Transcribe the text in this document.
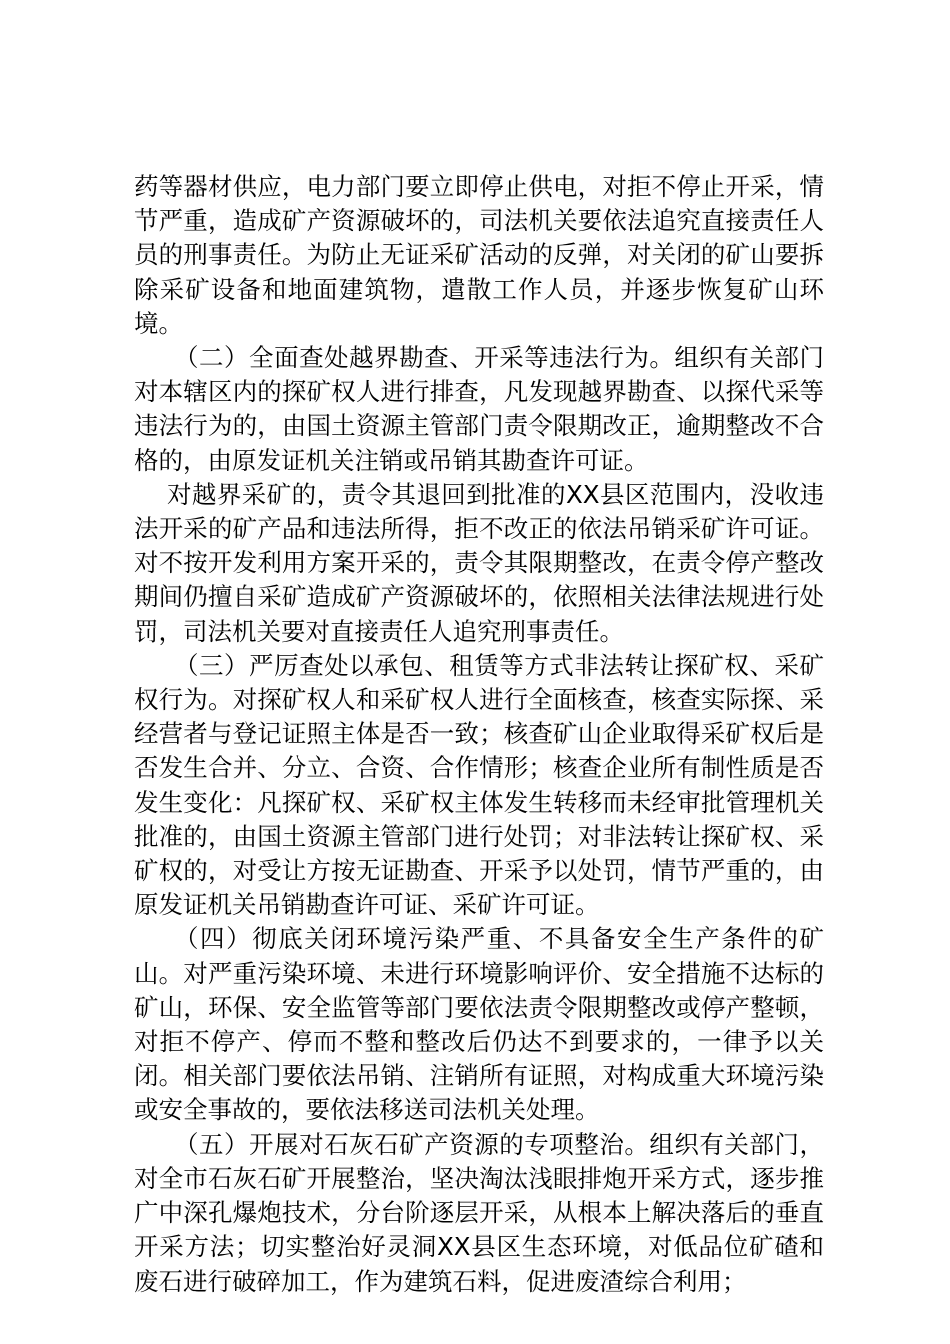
药等器材供应，电力部门要立即停止供电，对拒不停止开采，情节严重，造成矿产资源破坏的，司法机关要依法追究直接责任人员的刑事责任。为防止无证采矿活动的反弹，对关闭的矿山要拆除采矿设备和地面建筑物，遣散工作人员，并逐步恢复矿山环境。

（二）全面查处越界勘查、开采等违法行为。组织有关部门对本辖区内的探矿权人进行排查，凡发现越界勘查、以探代采等违法行为的，由国土资源主管部门责令限期改正，逾期整改不合格的，由原发证机关注销或吊销其勘查许可证。

对越界采矿的，责令其退回到批准的XX县区范围内，没收违法开采的矿产品和违法所得，拒不改正的依法吊销采矿许可证。对不按开发利用方案开采的，责令其限期整改，在责令停产整改期间仍擅自采矿造成矿产资源破坏的，依照相关法律法规进行处罚，司法机关要对直接责任人追究刑事责任。

（三）严厉查处以承包、租赁等方式非法转让探矿权、采矿权行为。对探矿权人和采矿权人进行全面核查，核查实际探、采经营者与登记证照主体是否一致；核查矿山企业取得采矿权后是否发生合并、分立、合资、合作情形；核查企业所有制性质是否发生变化：凡探矿权、采矿权主体发生转移而未经审批管理机关批准的，由国土资源主管部门进行处罚；对非法转让探矿权、采矿权的，对受让方按无证勘查、开采予以处罚，情节严重的，由原发证机关吊销勘查许可证、采矿许可证。

（四）彻底关闭环境污染严重、不具备安全生产条件的矿山。对严重污染环境、未进行环境影响评价、安全措施不达标的矿山，环保、安全监管等部门要依法责令限期整改或停产整顿，对拒不停产、停而不整和整改后仍达不到要求的，一律予以关闭。相关部门要依法吊销、注销所有证照，对构成重大环境污染或安全事故的，要依法移送司法机关处理。

（五）开展对石灰石矿产资源的专项整治。组织有关部门，对全市石灰石矿开展整治，坚决淘汰浅眼排炮开采方式，逐步推广中深孔爆炮技术，分台阶逐层开采，从根本上解决落后的垂直开采方法；切实整治好灵洞XX县区生态环境，对低品位矿碴和废石进行破碎加工，作为建筑石料，促进废渣综合利用；
